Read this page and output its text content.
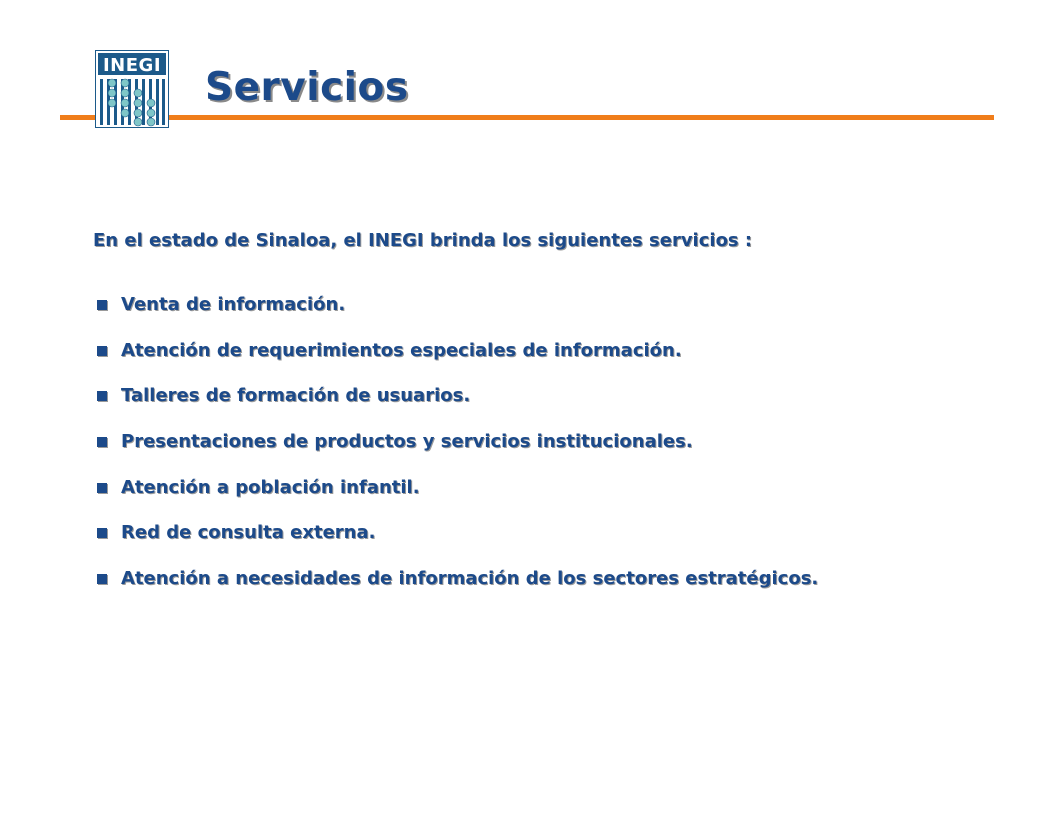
INEGI Servicios
En el estado de Sinaloa, el INEGI brinda los siguientes servicios :
Venta de información.
Atención de requerimientos especiales de información.
Talleres de formación de usuarios.
Presentaciones de productos y servicios institucionales.
Atención a población infantil.
Red de consulta externa.
Atención a necesidades de información de los sectores estratégicos.
